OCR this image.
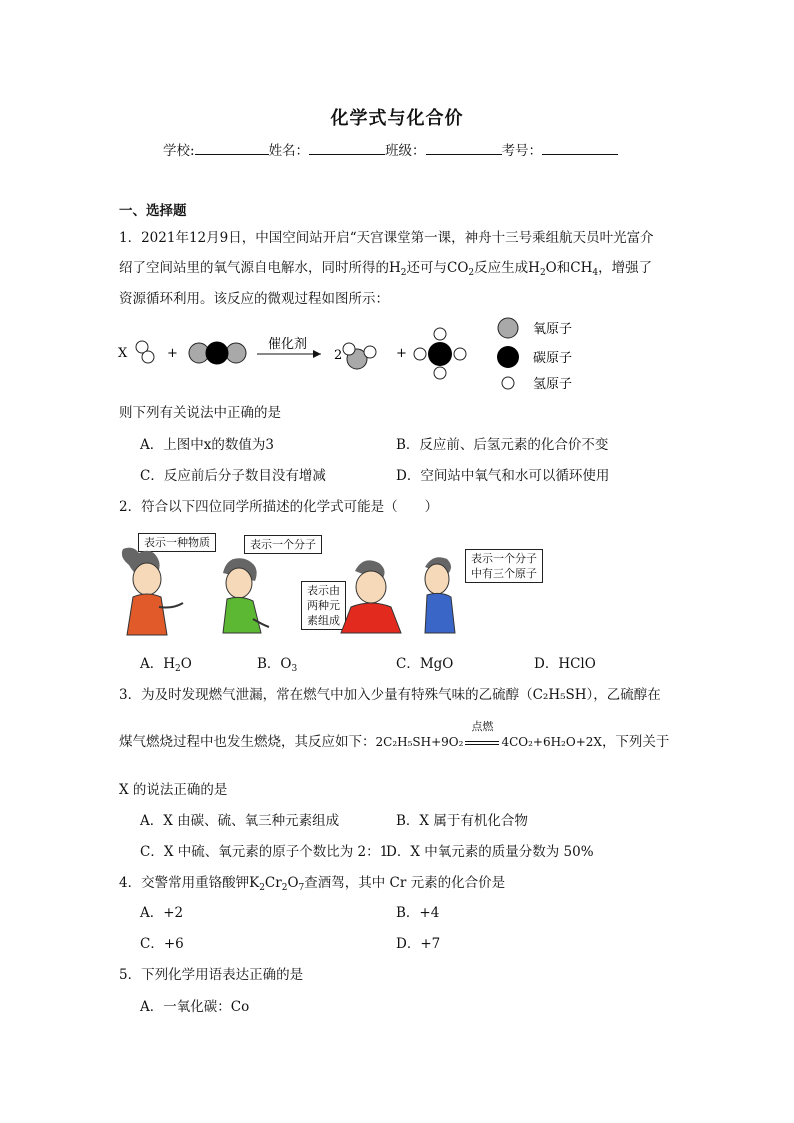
化学式与化合价
学校:	姓名：	班级：	考号：
一、选择题
1．2021年12月9日，中国空间站开启“天宫课堂第一课，神舟十三号乘组航天员叶光富介
绍了空间站里的氧气源自电解水，同时所得的$H_2$还可与$CO_2$反应生成$H_2O$和$CH_4$，增强了
资源循环利用。该反应的微观过程如图所示：
X	+
催化剂
2	+
氧原子
碳原子
氢原子
则下列有关说法中正确的是
A．上图中x的数值为3	B．反应前、后氢元素的化合价不变
C．反应前后分子数目没有增减	D．空间站中氧气和水可以循环使用
2．符合以下四位同学所描述的化学式可能是（　　）
表示一种物质	表示一个分子
表示由
两种元
素组成
表示一个分子
中有三个原子
A．$H_2O$	B．$O_3$	C．MgO	D．HClO
3．为及时发现燃气泄漏，常在燃气中加入少量有特殊气味的乙硫醇（C₂H₅SH），乙硫醇在
煤气燃烧过程中也发生燃烧，其反应如下：2C₂H₅SH+9O₂
点燃
4CO₂+6H₂O+2X，下列关于
X 的说法正确的是
A．X 由碳、硫、氧三种元素组成	B．X 属于有机化合物
C．X 中硫、氧元素的原子个数比为 2：1
D．X 中氧元素的质量分数为 50%
4．交警常用重铬酸钾$K_2Cr_2O_7$查酒驾，其中 Cr 元素的化合价是
A．+2	B．+4
C．+6	D．+7
5．下列化学用语表达正确的是
A．一氧化碳：Co
